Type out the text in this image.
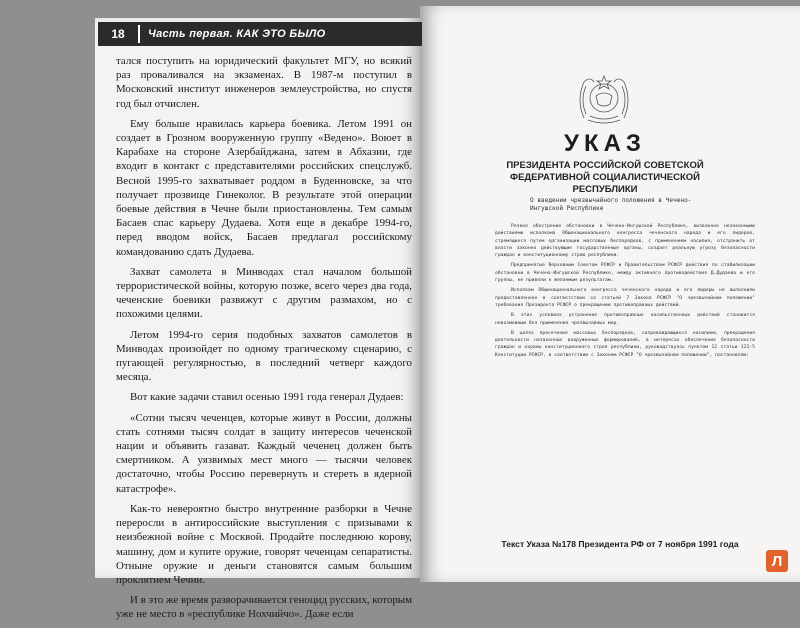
18	Часть первая. КАК ЭТО БЫЛО

тался поступить на юридический факультет МГУ, но всякий раз проваливался на экзаменах. В 1987-м поступил в Московский институт инженеров землеустройства, но спустя год был отчислен.

Ему больше нравилась карьера боевика. Летом 1991 он создает в Грозном вооруженную группу «Ведено». Воюет в Карабахе на стороне Азербайджана, затем в Абхазии, где входит в контакт с представителями российских спецслужб. Весной 1995-го захватывает роддом в Буденновске, за что получает прозвище Гинеколог. В результате этой операции боевые действия в Чечне были приостановлены. Тем самым Басаев спас карьеру Дудаева. Хотя еще в декабре 1994-го, перед вводом войск, Басаев предлагал российскому командованию сдать Дудаева.

Захват самолета в Минводах стал началом большой террористической войны, которую позже, всего через два года, чеченские боевики развяжут с другим размахом, но с похожими целями.

Летом 1994-го серия подобных захватов самолетов в Минводах произойдет по одному трагическому сценарию, с пугающей регулярностью, в последний четверг каждого месяца.

Вот какие задачи ставил осенью 1991 года генерал Дудаев:

«Сотни тысяч чеченцев, которые живут в России, должны стать сотнями тысяч солдат в защиту интересов чеченской нации и объявить газават. Каждый чеченец должен быть смертником. А уязвимых мест много — тысячи человек достаточно, чтобы Россию перевернуть и стереть в ядерной катастрофе».

Как-то невероятно быстро внутренние разборки в Чечне переросли в антироссийские выступления с призывами к неизбежной войне с Москвой. Продайте последнюю корову, машину, дом и купите оружие, говорят чеченцам сепаратисты. Отныне оружие и деньги становятся самым большим проклятием Чечни.

И в это же время разворачивается геноцид русских, которым уже не место в «республике Нохчийчо». Даже если

УКАЗ
ПРЕЗИДЕНТА РОССИЙСКОЙ СОВЕТСКОЙ ФЕДЕРАТИВНОЙ СОЦИАЛИСТИЧЕСКОЙ РЕСПУБЛИКИ
О введении чрезвычайного положения в Чечено-Ингушской Республике

Резкое обострение обстановки в Чечено-Ингушской Республике, вызванное незаконными действиями исполкома Общенационального конгресса чеченского народа и его лидеров, стремящихся путем организации массовых беспорядков, с применением насилия, отстранить от власти законно действующие государственные органы, создает реальную угрозу безопасности граждан и конституционному строю республики.

Предпринятые Верховным Советом РСФСР и Правительством РСФСР действия по стабилизации обстановки в Чечено-Ингушской Республике, между активного противодействия Д.Дудаева и его группы, не привели к желаемым результатам.

Исполком Общенационального конгресса чеченского народа и его лидеры не выполнили предоставленное в соответствии со статьей 7 Закона РСФСР "О чрезвычайном положении" требования Президента РСФСР о прекращении противоправных действий.

В этих условиях устранение противоправных насильственных действий становится невозможным без применения чрезвычайных мер.

В целях пресечения массовых беспорядков, сопровождающихся насилием, прекращения деятельности незаконных вооруженных формирований, в интересах обеспечения безопасности граждан и охраны конституционного строя республики, руководствуясь пунктом 12 статьи 121-5 Конституции РСФСР, в соответствии с Законом РСФСР "О чрезвычайном положении", постановляю:

Текст Указа №178 Президента РФ от 7 ноября 1991 года
Л
